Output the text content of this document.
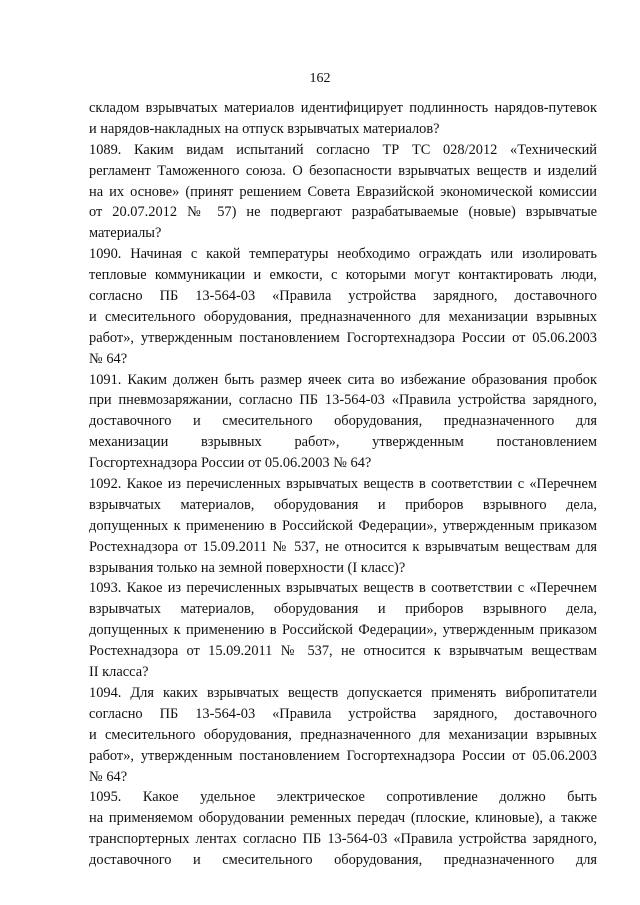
162
складом взрывчатых материалов идентифицирует подлинность нарядов-путевок
и нарядов-накладных на отпуск взрывчатых материалов?
1089. Каким видам испытаний согласно ТР ТС 028/2012 «Технический
регламент Таможенного союза. О безопасности взрывчатых веществ и изделий
на их основе» (принят решением Совета Евразийской экономической комиссии
от 20.07.2012 № 57) не подвергают разрабатываемые (новые) взрывчатые
материалы?
1090. Начиная с какой температуры необходимо ограждать или изолировать
тепловые коммуникации и емкости, с которыми могут контактировать люди,
согласно ПБ 13-564-03 «Правила устройства зарядного, доставочного
и смесительного оборудования, предназначенного для механизации взрывных
работ», утвержденным постановлением Госгортехнадзора России от 05.06.2003
№ 64?
1091. Каким должен быть размер ячеек сита во избежание образования пробок
при пневмозаряжании, согласно ПБ 13-564-03 «Правила устройства зарядного,
доставочного и смесительного оборудования, предназначенного для
механизации взрывных работ», утвержденным постановлением
Госгортехнадзора России от 05.06.2003 № 64?
1092. Какое из перечисленных взрывчатых веществ в соответствии с «Перечнем
взрывчатых материалов, оборудования и приборов взрывного дела,
допущенных к применению в Российской Федерации», утвержденным приказом
Ростехнадзора от 15.09.2011 № 537, не относится к взрывчатым веществам для
взрывания только на земной поверхности (I класс)?
1093. Какое из перечисленных взрывчатых веществ в соответствии с «Перечнем
взрывчатых материалов, оборудования и приборов взрывного дела,
допущенных к применению в Российской Федерации», утвержденным приказом
Ростехнадзора от 15.09.2011 № 537, не относится к взрывчатым веществам
II класса?
1094. Для каких взрывчатых веществ допускается применять вибропитатели
согласно ПБ 13-564-03 «Правила устройства зарядного, доставочного
и смесительного оборудования, предназначенного для механизации взрывных
работ», утвержденным постановлением Госгортехнадзора России от 05.06.2003
№ 64?
1095. Какое удельное электрическое сопротивление должно быть
на применяемом оборудовании ременных передач (плоские, клиновые), а также
транспортерных лентах согласно ПБ 13-564-03 «Правила устройства зарядного,
доставочного и смесительного оборудования, предназначенного для
